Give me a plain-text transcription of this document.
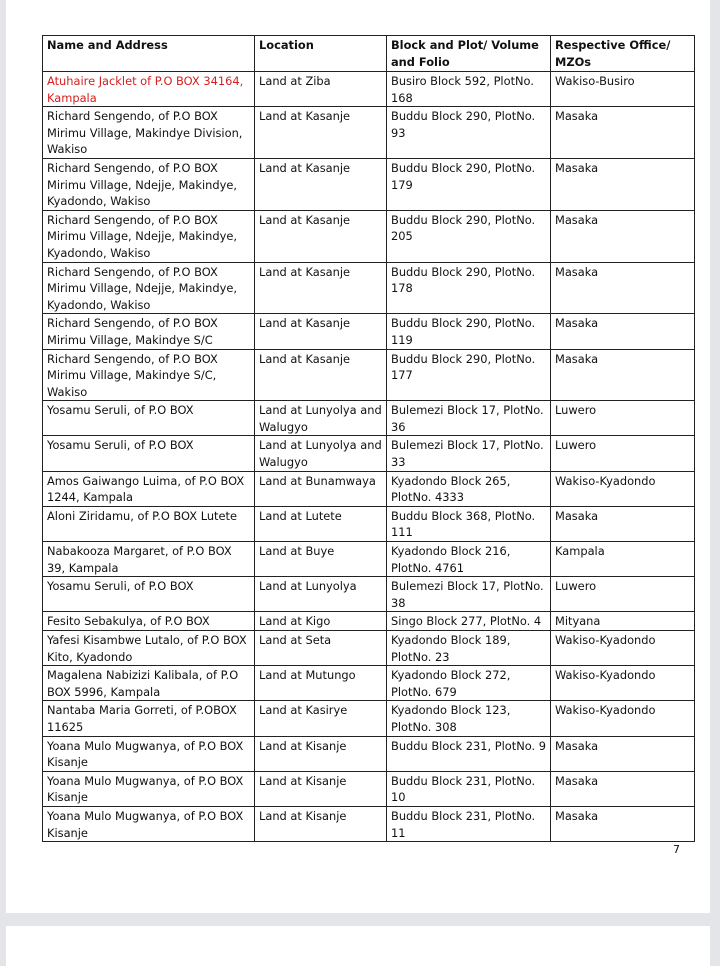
Name and Address	Location	Block and Plot/ Volume and Folio	Respective Office/ MZOs
Atuhaire Jacklet of P.O BOX 34164, Kampala	Land at Ziba	Busiro Block 592, PlotNo. 168	Wakiso-Busiro
Richard Sengendo, of P.O BOX Mirimu Village, Makindye Division, Wakiso	Land at Kasanje	Buddu Block 290, PlotNo. 93	Masaka
Richard Sengendo, of P.O BOX Mirimu Village, Ndejje, Makindye, Kyadondo, Wakiso	Land at Kasanje	Buddu Block 290, PlotNo. 179	Masaka
Richard Sengendo, of P.O BOX Mirimu Village, Ndejje, Makindye, Kyadondo, Wakiso	Land at Kasanje	Buddu Block 290, PlotNo. 205	Masaka
Richard Sengendo, of P.O BOX Mirimu Village, Ndejje, Makindye, Kyadondo, Wakiso	Land at Kasanje	Buddu Block 290, PlotNo. 178	Masaka
Richard Sengendo, of P.O BOX Mirimu Village, Makindye S/C	Land at Kasanje	Buddu Block 290, PlotNo. 119	Masaka
Richard Sengendo, of P.O BOX Mirimu Village, Makindye S/C, Wakiso	Land at Kasanje	Buddu Block 290, PlotNo. 177	Masaka
Yosamu Seruli, of P.O BOX	Land at Lunyolya and Walugyo	Bulemezi Block 17, PlotNo. 36	Luwero
Yosamu Seruli, of P.O BOX	Land at Lunyolya and Walugyo	Bulemezi Block 17, PlotNo. 33	Luwero
Amos Gaiwango Luima, of P.O BOX 1244, Kampala	Land at Bunamwaya	Kyadondo Block 265, PlotNo. 4333	Wakiso-Kyadondo
Aloni Ziridamu, of P.O BOX Lutete	Land at Lutete	Buddu Block 368, PlotNo. 111	Masaka
Nabakooza Margaret, of P.O BOX 39, Kampala	Land at Buye	Kyadondo Block 216, PlotNo. 4761	Kampala
Yosamu Seruli, of P.O BOX	Land at Lunyolya	Bulemezi Block 17, PlotNo. 38	Luwero
Fesito Sebakulya, of P.O BOX	Land at Kigo	Singo Block 277, PlotNo. 4	Mityana
Yafesi Kisambwe Lutalo, of P.O BOX Kito, Kyadondo	Land at Seta	Kyadondo Block 189, PlotNo. 23	Wakiso-Kyadondo
Magalena Nabizizi Kalibala, of P.O BOX 5996, Kampala	Land at Mutungo	Kyadondo Block 272, PlotNo. 679	Wakiso-Kyadondo
Nantaba Maria Gorreti, of P.OBOX 11625	Land at Kasirye	Kyadondo Block 123, PlotNo. 308	Wakiso-Kyadondo
Yoana Mulo Mugwanya, of P.O BOX Kisanje	Land at Kisanje	Buddu Block 231, PlotNo. 9	Masaka
Yoana Mulo Mugwanya, of P.O BOX Kisanje	Land at Kisanje	Buddu Block 231, PlotNo. 10	Masaka
Yoana Mulo Mugwanya, of P.O BOX Kisanje	Land at Kisanje	Buddu Block 231, PlotNo. 11	Masaka
7
